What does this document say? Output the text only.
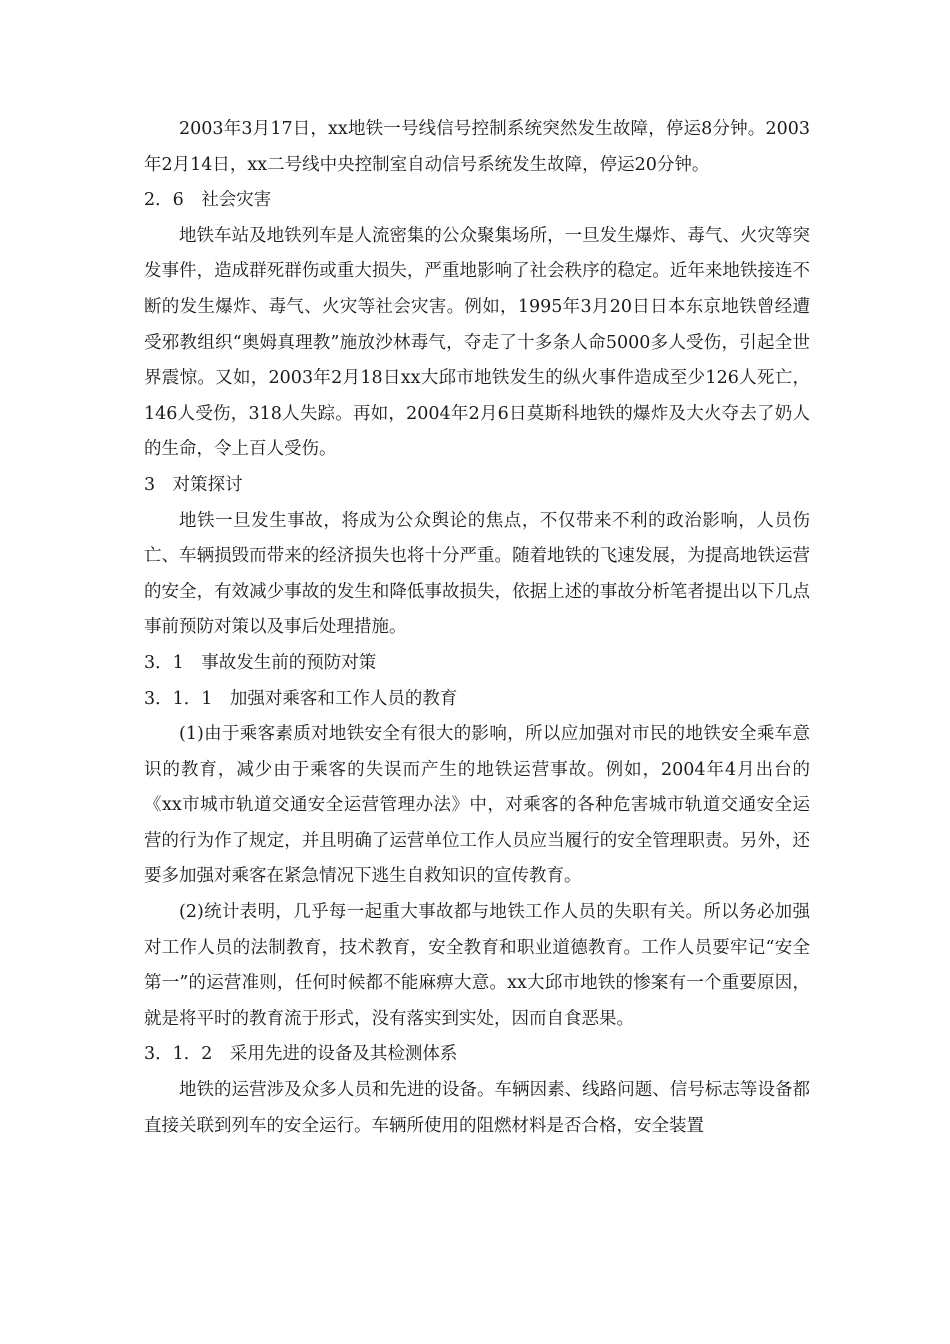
2003年3月17日，xx地铁一号线信号控制系统突然发生故障，停运8分钟。2003年2月14日，xx二号线中央控制室自动信号系统发生故障，停运20分钟。

2．6　社会灾害

地铁车站及地铁列车是人流密集的公众聚集场所，一旦发生爆炸、毒气、火灾等突发事件，造成群死群伤或重大损失，严重地影响了社会秩序的稳定。近年来地铁接连不断的发生爆炸、毒气、火灾等社会灾害。例如，1995年3月20日日本东京地铁曾经遭受邪教组织“奥姆真理教”施放沙林毒气，夺走了十多条人命5000多人受伤，引起全世界震惊。又如，2003年2月18日xx大邱市地铁发生的纵火事件造成至少126人死亡，146人受伤，318人失踪。再如，2004年2月6日莫斯科地铁的爆炸及大火夺去了奶人的生命，令上百人受伤。

3　对策探讨

地铁一旦发生事故，将成为公众舆论的焦点，不仅带来不利的政治影响，人员伤亡、车辆损毁而带来的经济损失也将十分严重。随着地铁的飞速发展，为提高地铁运营的安全，有效减少事故的发生和降低事故损失，依据上述的事故分析笔者提出以下几点事前预防对策以及事后处理措施。

3．1　事故发生前的预防对策

3．1．1　加强对乘客和工作人员的教育

(1)由于乘客素质对地铁安全有很大的影响，所以应加强对市民的地铁安全乘车意识的教育，减少由于乘客的失误而产生的地铁运营事故。例如，2004年4月出台的《xx市城市轨道交通安全运营管理办法》中，对乘客的各种危害城市轨道交通安全运营的行为作了规定，并且明确了运营单位工作人员应当履行的安全管理职责。另外，还要多加强对乘客在紧急情况下逃生自救知识的宣传教育。

(2)统计表明，几乎每一起重大事故都与地铁工作人员的失职有关。所以务必加强对工作人员的法制教育，技术教育，安全教育和职业道德教育。工作人员要牢记“安全第一”的运营准则，任何时候都不能麻痹大意。xx大邱市地铁的惨案有一个重要原因，就是将平时的教育流于形式，没有落实到实处，因而自食恶果。

3．1．2　采用先进的设备及其检测体系

地铁的运营涉及众多人员和先进的设备。车辆因素、线路问题、信号标志等设备都直接关联到列车的安全运行。车辆所使用的阻燃材料是否合格，安全装置
